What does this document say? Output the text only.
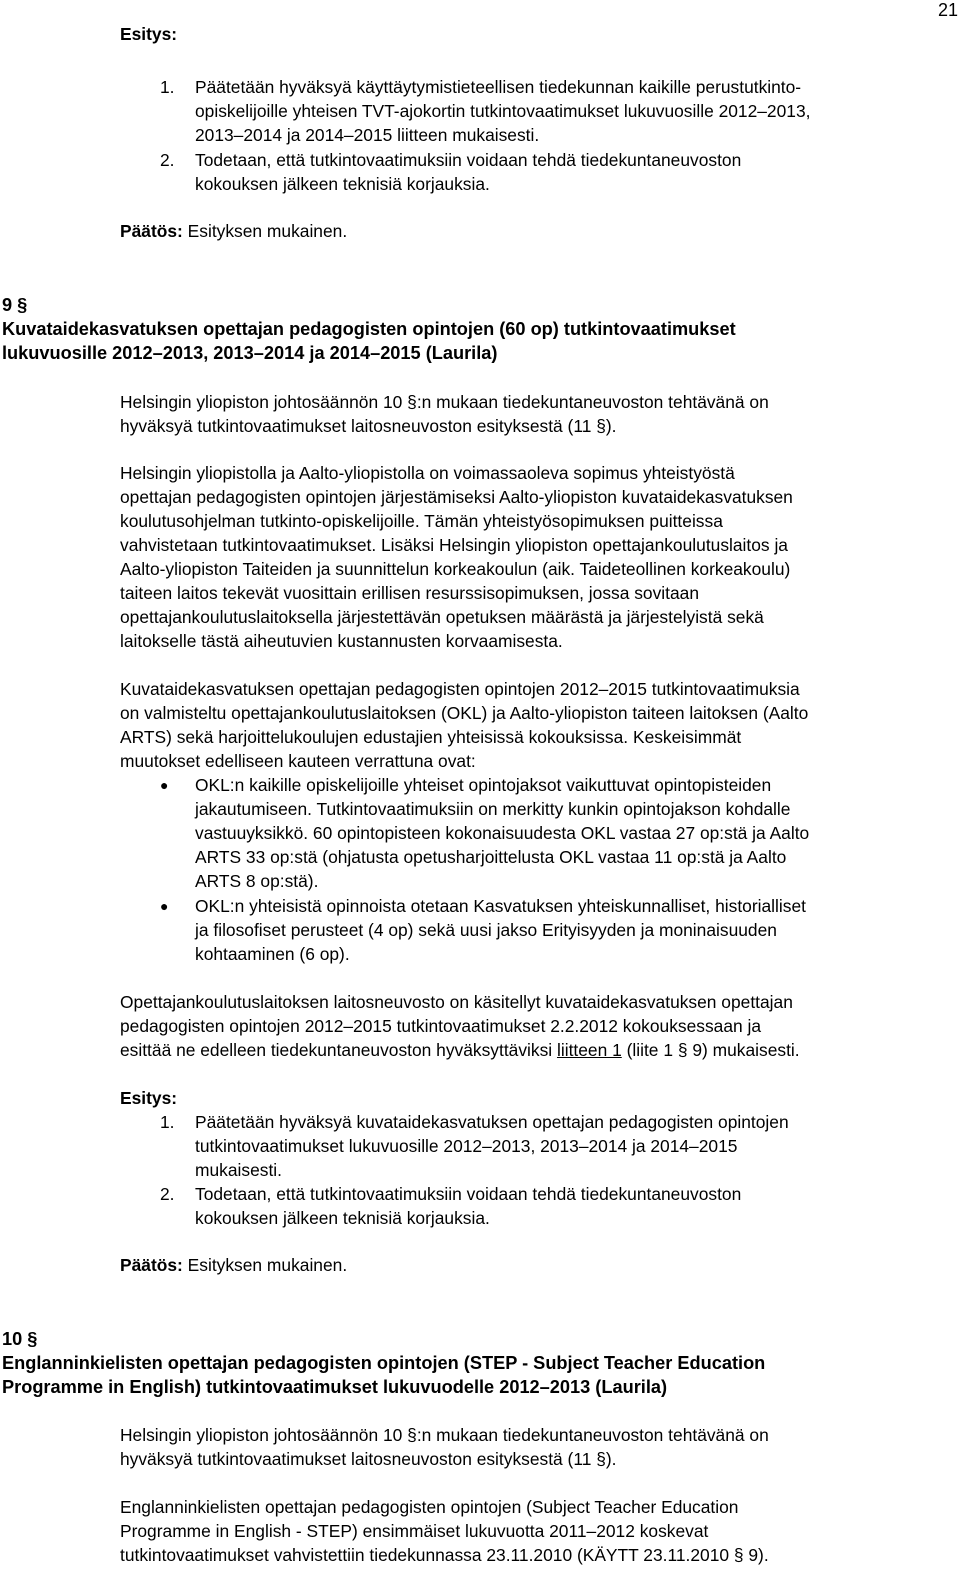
21
Esitys:
1. Päätetään hyväksyä käyttäytymistieteellisen tiedekunnan kaikille perustutkinto-
opiskelijoille yhteisen TVT-ajokortin tutkintovaatimukset lukuvuosille 2012–2013,
2013–2014 ja 2014–2015 liitteen mukaisesti.
2. Todetaan, että tutkintovaatimuksiin voidaan tehdä tiedekuntaneuvoston
kokouksen jälkeen teknisiä korjauksia.
Päätös: Esityksen mukainen.
9 §
Kuvataidekasvatuksen opettajan pedagogisten opintojen (60 op) tutkintovaatimukset
lukuvuosille 2012–2013, 2013–2014 ja 2014–2015 (Laurila)
Helsingin yliopiston johtosäännön 10 §:n mukaan tiedekuntaneuvoston tehtävänä on
hyväksyä tutkintovaatimukset laitosneuvoston esityksestä (11 §).
Helsingin yliopistolla ja Aalto-yliopistolla on voimassaoleva sopimus yhteistyöstä
opettajan pedagogisten opintojen järjestämiseksi Aalto-yliopiston kuvataidekasvatuksen
koulutusohjelman tutkinto-opiskelijoille. Tämän yhteistyösopimuksen puitteissa
vahvistetaan tutkintovaatimukset. Lisäksi Helsingin yliopiston opettajankoulutuslaitos ja
Aalto-yliopiston Taiteiden ja suunnittelun korkeakoulun (aik. Taideteollinen korkeakoulu)
taiteen laitos tekevät vuosittain erillisen resurssisopimuksen, jossa sovitaan
opettajankoulutuslaitoksella järjestettävän opetuksen määrästä ja järjestelyistä sekä
laitokselle tästä aiheutuvien kustannusten korvaamisesta.
Kuvataidekasvatuksen opettajan pedagogisten opintojen 2012–2015 tutkintovaatimuksia
on valmisteltu opettajankoulutuslaitoksen (OKL) ja Aalto-yliopiston taiteen laitoksen (Aalto
ARTS) sekä harjoittelukoulujen edustajien yhteisissä kokouksissa. Keskeisimmät
muutokset edelliseen kauteen verrattuna ovat:
● OKL:n kaikille opiskelijoille yhteiset opintojaksot vaikuttuvat opintopisteiden
jakautumiseen. Tutkintovaatimuksiin on merkitty kunkin opintojakson kohdalle
vastuuyksikkö. 60 opintopisteen kokonaisuudesta OKL vastaa 27 op:stä ja Aalto
ARTS 33 op:stä (ohjatusta opetusharjoittelusta OKL vastaa 11 op:stä ja Aalto
ARTS 8 op:stä).
● OKL:n yhteisistä opinnoista otetaan Kasvatuksen yhteiskunnalliset, historialliset
ja filosofiset perusteet (4 op) sekä uusi jakso Erityisyyden ja moninaisuuden
kohtaaminen (6 op).
Opettajankoulutuslaitoksen laitosneuvosto on käsitellyt kuvataidekasvatuksen opettajan
pedagogisten opintojen 2012–2015 tutkintovaatimukset 2.2.2012 kokouksessaan ja
esittää ne edelleen tiedekuntaneuvoston hyväksyttäviksi liitteen 1 (liite 1 § 9) mukaisesti.
Esitys:
1. Päätetään hyväksyä kuvataidekasvatuksen opettajan pedagogisten opintojen
tutkintovaatimukset lukuvuosille 2012–2013, 2013–2014 ja 2014–2015
mukaisesti.
2. Todetaan, että tutkintovaatimuksiin voidaan tehdä tiedekuntaneuvoston
kokouksen jälkeen teknisiä korjauksia.
Päätös: Esityksen mukainen.
10 §
Englanninkielisten opettajan pedagogisten opintojen (STEP - Subject Teacher Education
Programme in English) tutkintovaatimukset lukuvuodelle 2012–2013 (Laurila)
Helsingin yliopiston johtosäännön 10 §:n mukaan tiedekuntaneuvoston tehtävänä on
hyväksyä tutkintovaatimukset laitosneuvoston esityksestä (11 §).
Englanninkielisten opettajan pedagogisten opintojen (Subject Teacher Education
Programme in English - STEP) ensimmäiset lukuvuotta 2011–2012 koskevat
tutkintovaatimukset vahvistettiin tiedekunnassa 23.11.2010 (KÄYTT 23.11.2010 § 9).
